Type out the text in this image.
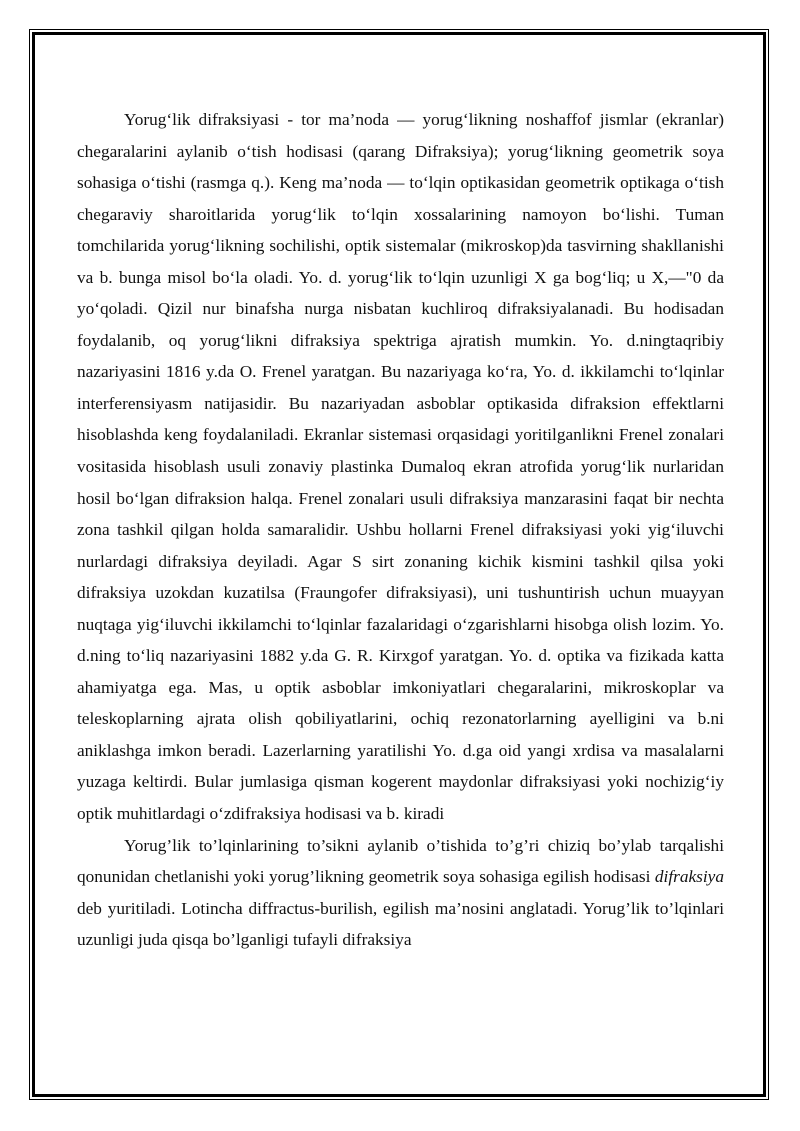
Yorug‘lik difraksiyasi - tor ma’noda — yorug‘likning noshaffof jismlar (ekranlar) chegaralarini aylanib o‘tish hodisasi (qarang Difraksiya); yorug‘likning geometrik soya sohasiga o‘tishi (rasmga q.). Keng ma’noda — to‘lqin optikasidan geometrik optikaga o‘tish chegaraviy sharoitlarida yorug‘lik to‘lqin xossalarining namoyon bo‘lishi. Tuman tomchilarida yorug‘likning sochilishi, optik sistemalar (mikroskop)da tasvirning shakllanishi va b. bunga misol bo‘la oladi. Yo. d. yorug‘lik to‘lqin uzunligi X ga bog‘liq; u X,—"0 da yo‘qoladi. Qizil nur binafsha nurga nisbatan kuchliroq difraksiyalanadi. Bu hodisadan foydalanib, oq yorug‘likni difraksiya spektriga ajratish mumkin. Yo. d.ningtaqribiy nazariyasini 1816 y.da O. Frenel yaratgan. Bu nazariyaga ko‘ra, Yo. d. ikkilamchi to‘lqinlar interferensiyasm natijasidir. Bu nazariyadan asboblar optikasida difraksion effektlarni hisoblashda keng foydalaniladi. Ekranlar sistemasi orqasidagi yoritilganlikni Frenel zonalari vositasida hisoblash usuli zonaviy plastinka Dumaloq ekran atrofida yorug‘lik nurlaridan hosil bo‘lgan difraksion halqa. Frenel zonalari usuli difraksiya manzarasini faqat bir nechta zona tashkil qilgan holda samaralidir. Ushbu hollarni Frenel difraksiyasi yoki yig‘iluvchi nurlardagi difraksiya deyiladi. Agar S sirt zonaning kichik kismini tashkil qilsa yoki difraksiya uzokdan kuzatilsa (Fraungofer difraksiyasi), uni tushuntirish uchun muayyan nuqtaga yig‘iluvchi ikkilamchi to‘lqinlar fazalaridagi o‘zgarishlarni hisobga olish lozim. Yo. d.ning to‘liq nazariyasini 1882 y.da G. R. Kirxgof yaratgan. Yo. d. optika va fizikada katta ahamiyatga ega. Mas, u optik asboblar imkoniyatlari chegaralarini, mikroskoplar va teleskoplarning ajrata olish qobiliyatlarini, ochiq rezonatorlarning ayelligini va b.ni aniklashga imkon beradi. Lazerlarning yaratilishi Yo. d.ga oid yangi xrdisa va masalalarni yuzaga keltirdi. Bular jumlasiga qisman kogerent maydonlar difraksiyasi yoki nochizig‘iy optik muhitlardagi o‘zdifraksiya hodisasi va b. kiradi

Yorug’lik to’lqinlarining to’sikni aylanib o’tishida to’g’ri chiziq bo’ylab tarqalishi qonunidan chetlanishi yoki yorug’likning geometrik soya sohasiga egilish hodisasi difraksiya deb yuritiladi. Lotincha diffractus-burilish, egilish ma’nosini anglatadi. Yorug’lik to’lqinlari uzunligi juda qisqa bo’lganligi tufayli difraksiya
